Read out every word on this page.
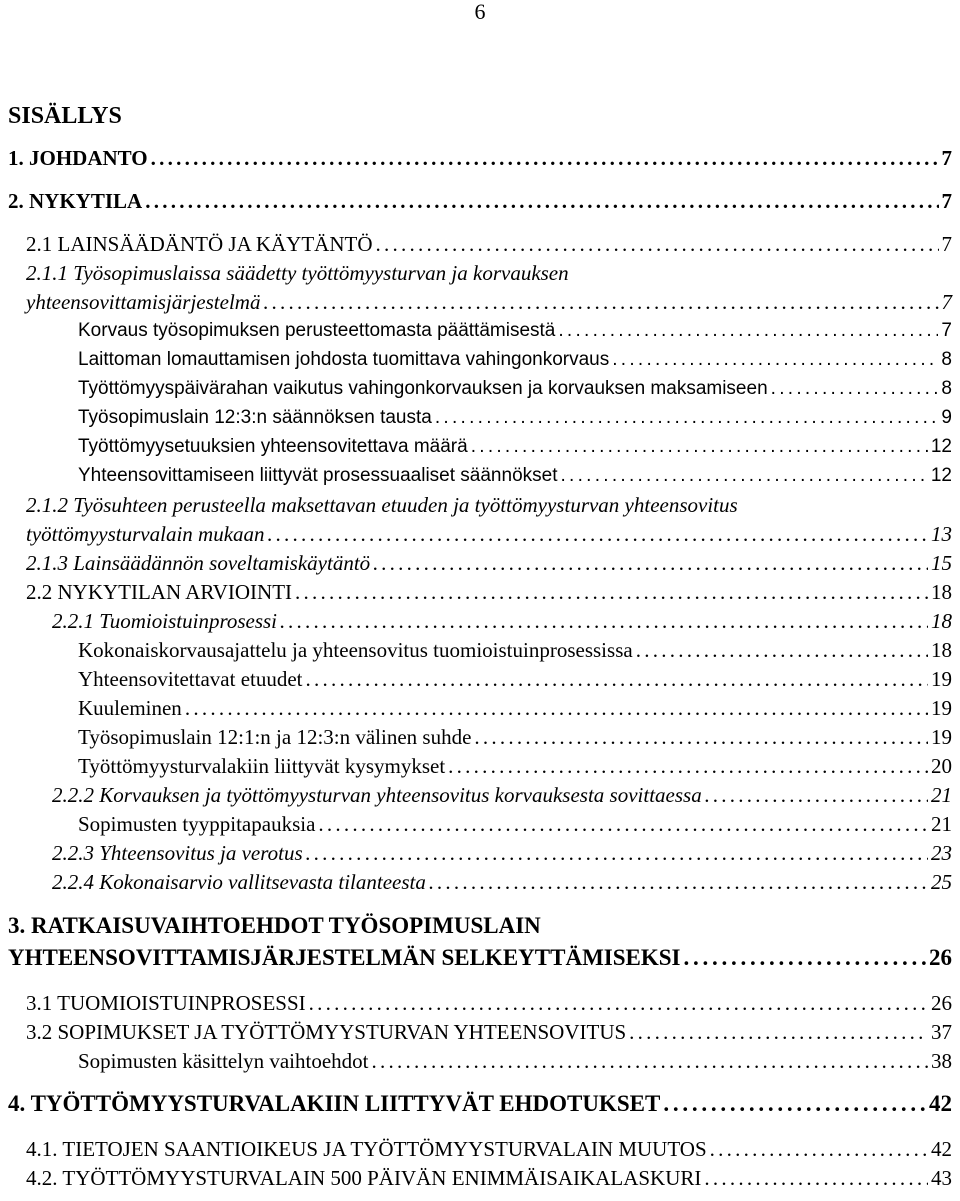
6
SISÄLLYS
1. JOHDANTO . . .	7
2. NYKYTILA . . .	7
2.1 LAINSÄÄDÄNTÖ JA KÄYTÄNTÖ . . .	7
2.1.1 Työsopimuslaissa säädetty työttömyysturvan ja korvauksen
yhteensovittamisjärjestelmä . . .	7
Korvaus työsopimuksen perusteettomasta päättämisestä . . .	7
Laittoman lomauttamisen johdosta tuomittava vahingonkorvaus . . .	8
Työttömyyspäivärahan vaikutus vahingonkorvauksen ja korvauksen maksamiseen . . .	8
Työsopimuslain 12:3:n säännöksen tausta . . .	9
Työttömyysetuuksien yhteensovitettava määrä . . .	12
Yhteensovittamiseen liittyvät prosessuaaliset säännökset . . .	12
2.1.2 Työsuhteen perusteella maksettavan etuuden ja työttömyysturvan yhteensovitus
työttömyysturvalain mukaan . . .	13
2.1.3 Lainsäädännön soveltamiskäytäntö . . .	15
2.2 NYKYTILAN ARVIOINTI . . .	18
2.2.1 Tuomioistuinprosessi . . .	18
Kokonaiskorvausajattelu ja yhteensovitus tuomioistuinprosessissa . . .	18
Yhteensovitettavat etuudet . . .	19
Kuuleminen . . .	19
Työsopimuslain 12:1:n ja 12:3:n välinen suhde . . .	19
Työttömyysturvalakiin liittyvät kysymykset . . .	20
2.2.2 Korvauksen ja työttömyysturvan yhteensovitus korvauksesta sovittaessa . . .	21
Sopimusten tyyppitapauksia . . .	21
2.2.3 Yhteensovitus ja verotus . . .	23
2.2.4 Kokonaisarvio vallitsevasta tilanteesta . . .	25
3. RATKAISUVAIHTOEHDOT TYÖSOPIMUSLAIN
YHTEENSOVITTAMISJÄRJESTELMÄN SELKEYTTÄMISEKSI . . .	26
3.1 TUOMIOISTUINPROSESSI . . .	26
3.2 SOPIMUKSET JA TYÖTTÖMYYSTURVAN YHTEENSOVITUS . . .	37
Sopimusten käsittelyn vaihtoehdot . . .	38
4. TYÖTTÖMYYSTURVALAKIIN LIITTYVÄT EHDOTUKSET . . .	42
4.1. TIETOJEN SAANTIOIKEUS JA TYÖTTÖMYYSTURVALAIN MUUTOS . . .	42
4.2. TYÖTTÖMYYSTURVALAIN 500 PÄIVÄN ENIMMÄISAIKALASKURI . . .	43
